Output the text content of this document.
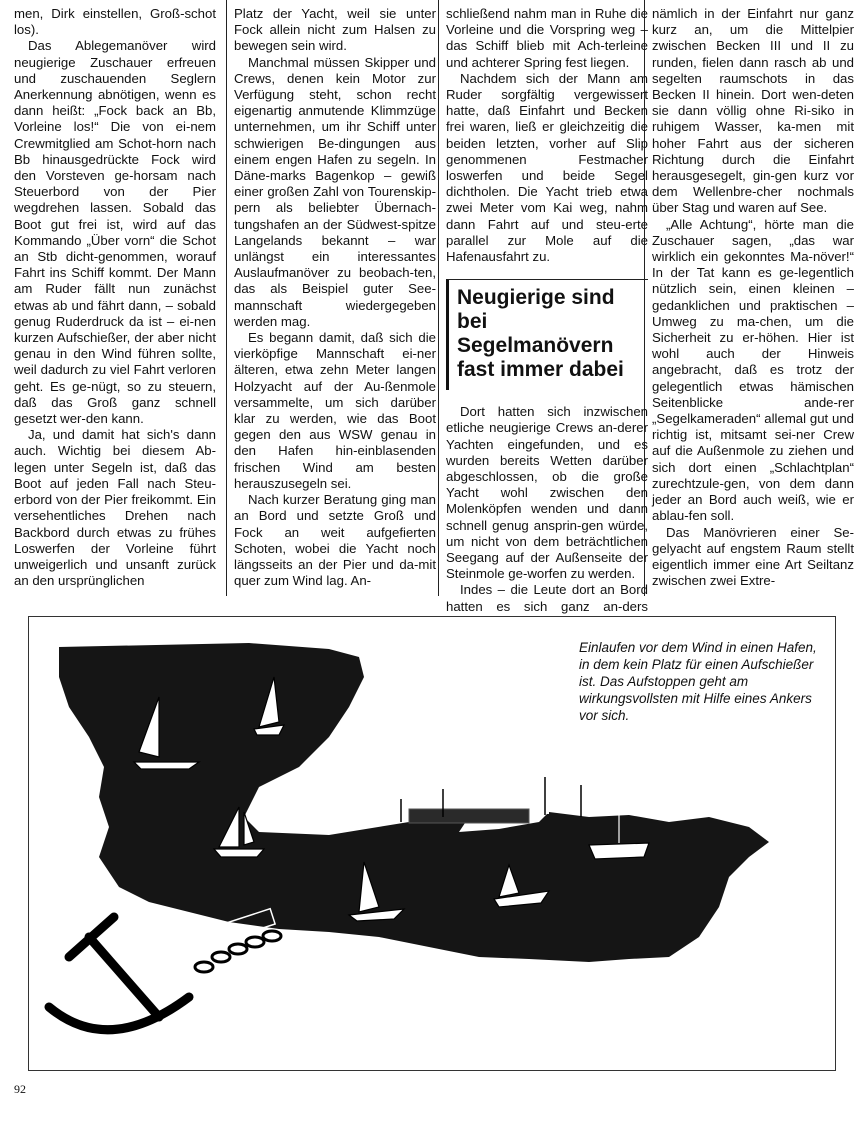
men, Dirk einstellen, Groß-schot los).

Das Ablegemanöver wird neugierige Zuschauer erfreuen und zuschauenden Seglern Anerkennung abnötigen, wenn es dann heißt: „Fock back an Bb, Vorleine los!“ Die von ei-nem Crewmitglied am Schot-horn nach Bb hinausgedrückte Fock wird den Vorsteven ge-horsam nach Steuerbord von der Pier wegdrehen lassen. Sobald das Boot gut frei ist, wird auf das Kommando „Über vorn“ die Schot an Stb dicht-genommen, worauf Fahrt ins Schiff kommt. Der Mann am Ruder fällt nun zunächst etwas ab und fährt dann, – sobald genug Ruderdruck da ist – ei-nen kurzen Aufschießer, der aber nicht genau in den Wind führen sollte, weil dadurch zu viel Fahrt verloren geht. Es ge-nügt, so zu steuern, daß das Groß ganz schnell gesetzt wer-den kann.

Ja, und damit hat sich's dann auch. Wichtig bei diesem Ab-legen unter Segeln ist, daß das Boot auf jeden Fall nach Steu-erbord von der Pier freikommt. Ein versehentliches Drehen nach Backbord durch etwas zu frühes Loswerfen der Vorleine führt unweigerlich und unsanft zurück an den ursprünglichen

Platz der Yacht, weil sie unter Fock allein nicht zum Halsen zu bewegen sein wird.

Manchmal müssen Skipper und Crews, denen kein Motor zur Verfügung steht, schon recht eigenartig anmutende Klimmzüge unternehmen, um ihr Schiff unter schwierigen Be-dingungen aus einem engen Hafen zu segeln. In Däne-marks Bagenkop – gewiß einer großen Zahl von Tourenskip-pern als beliebter Übernach-tungshafen an der Südwest-spitze Langelands bekannt – war unlängst ein interessantes Auslaufmanöver zu beobach-ten, das als Beispiel guter See-mannschaft wiedergegeben werden mag.

Es begann damit, daß sich die vierköpfige Mannschaft ei-ner älteren, etwa zehn Meter langen Holzyacht auf der Au-ßenmole versammelte, um sich darüber klar zu werden, wie das Boot gegen den aus WSW genau in den Hafen hin-einblasenden frischen Wind am besten herauszusegeln sei.

Nach kurzer Beratung ging man an Bord und setzte Groß und Fock an weit aufgefierten Schoten, wobei die Yacht noch längsseits an der Pier und da-mit quer zum Wind lag. An-

schließend nahm man in Ruhe die Vorleine und die Vorspring weg – das Schiff blieb mit Ach-terleine und achterer Spring fest liegen.

Nachdem sich der Mann am Ruder sorgfältig vergewissert hatte, daß Einfahrt und Becken frei waren, ließ er gleichzeitig die beiden letzten, vorher auf Slip genommenen Festmacher loswerfen und beide Segel dichtholen. Die Yacht trieb etwa zwei Meter vom Kai weg, nahm dann Fahrt auf und steu-erte parallel zur Mole auf die Hafenausfahrt zu.

Neugierige sind bei Segelmanövern fast immer dabei

Dort hatten sich inzwischen etliche neugierige Crews an-derer Yachten eingefunden, und es wurden bereits Wetten darüber abgeschlossen, ob die große Yacht wohl zwischen den Molenköpfen wenden und dann schnell genug ansprin-gen würde, um nicht von dem beträchtlichen Seegang auf der Außenseite der Steinmole ge-worfen zu werden.

Indes – die Leute dort an Bord hatten es sich ganz an-ders

nämlich in der Einfahrt nur ganz kurz an, um die Mittelpier zwischen Becken III und II zu runden, fielen dann rasch ab und segelten raumschots in das Becken II hinein. Dort wen-deten sie dann völlig ohne Ri-siko in ruhigem Wasser, ka-men mit hoher Fahrt aus der sicheren Richtung durch die Einfahrt herausgesegelt, gin-gen kurz vor dem Wellenbre-cher nochmals über Stag und waren auf See.

„Alle Achtung“, hörte man die Zuschauer sagen, „das war wirklich ein gekonntes Ma-növer!“ In der Tat kann es ge-legentlich nützlich sein, einen kleinen – gedanklichen und praktischen – Umweg zu ma-chen, um die Sicherheit zu er-höhen. Hier ist wohl auch der Hinweis angebracht, daß es trotz der gelegentlich etwas hämischen Seitenblicke ande-rer „Segelkameraden“ allemal gut und richtig ist, mitsamt sei-ner Crew auf die Außenmole zu ziehen und sich dort einen „Schlachtplan“ zurechtzule-gen, von dem dann jeder an Bord auch weiß, wie er ablau-fen soll.

Das Manövrieren einer Se-gelyacht auf engstem Raum stellt eigentlich immer eine Art Seiltanz zwischen zwei Extre-

Einlaufen vor dem Wind in einen Hafen, in dem kein Platz für einen Aufschießer ist. Das Aufstoppen geht am wirkungsvollsten mit Hilfe eines Ankers vor sich.
92
